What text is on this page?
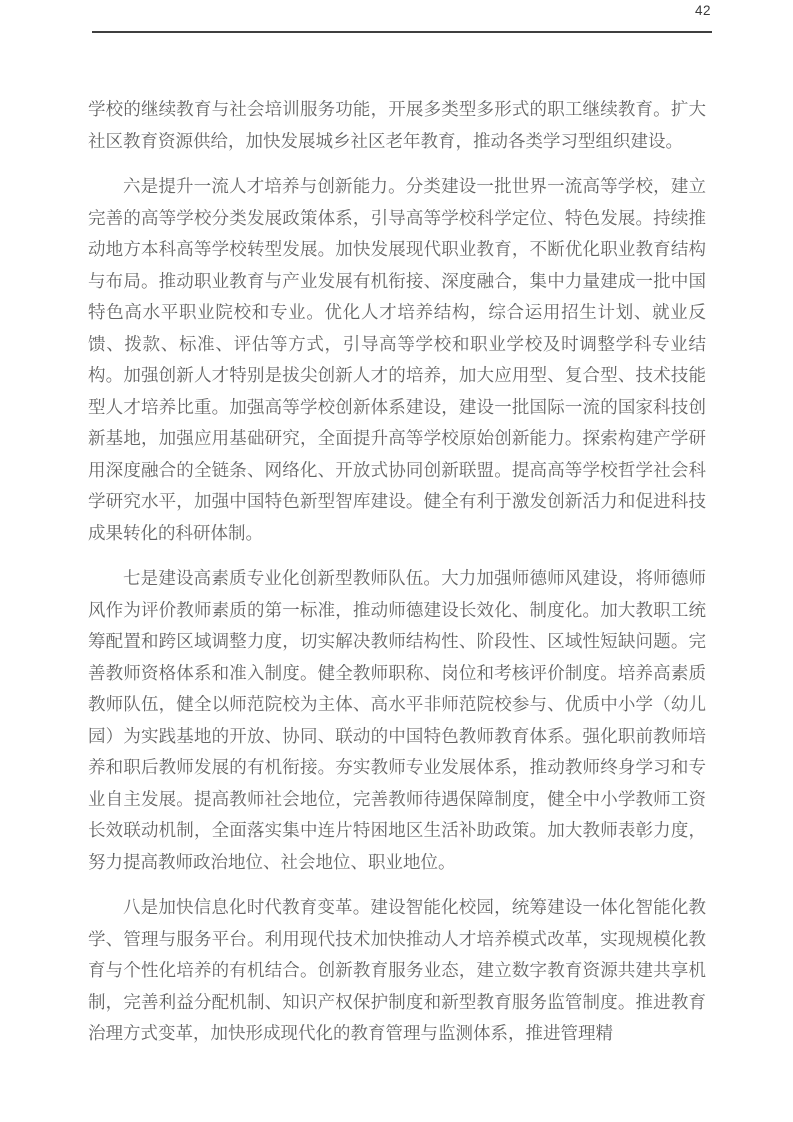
42

学校的继续教育与社会培训服务功能，开展多类型多形式的职工继续教育。扩大社区教育资源供给，加快发展城乡社区老年教育，推动各类学习型组织建设。

六是提升一流人才培养与创新能力。分类建设一批世界一流高等学校，建立完善的高等学校分类发展政策体系，引导高等学校科学定位、特色发展。持续推动地方本科高等学校转型发展。加快发展现代职业教育，不断优化职业教育结构与布局。推动职业教育与产业发展有机衔接、深度融合，集中力量建成一批中国特色高水平职业院校和专业。优化人才培养结构，综合运用招生计划、就业反馈、拨款、标准、评估等方式，引导高等学校和职业学校及时调整学科专业结构。加强创新人才特别是拔尖创新人才的培养，加大应用型、复合型、技术技能型人才培养比重。加强高等学校创新体系建设，建设一批国际一流的国家科技创新基地，加强应用基础研究，全面提升高等学校原始创新能力。探索构建产学研用深度融合的全链条、网络化、开放式协同创新联盟。提高高等学校哲学社会科学研究水平，加强中国特色新型智库建设。健全有利于激发创新活力和促进科技成果转化的科研体制。

七是建设高素质专业化创新型教师队伍。大力加强师德师风建设，将师德师风作为评价教师素质的第一标准，推动师德建设长效化、制度化。加大教职工统筹配置和跨区域调整力度，切实解决教师结构性、阶段性、区域性短缺问题。完善教师资格体系和准入制度。健全教师职称、岗位和考核评价制度。培养高素质教师队伍，健全以师范院校为主体、高水平非师范院校参与、优质中小学（幼儿园）为实践基地的开放、协同、联动的中国特色教师教育体系。强化职前教师培养和职后教师发展的有机衔接。夯实教师专业发展体系，推动教师终身学习和专业自主发展。提高教师社会地位，完善教师待遇保障制度，健全中小学教师工资长效联动机制，全面落实集中连片特困地区生活补助政策。加大教师表彰力度，努力提高教师政治地位、社会地位、职业地位。

八是加快信息化时代教育变革。建设智能化校园，统筹建设一体化智能化教学、管理与服务平台。利用现代技术加快推动人才培养模式改革，实现规模化教育与个性化培养的有机结合。创新教育服务业态，建立数字教育资源共建共享机制，完善利益分配机制、知识产权保护制度和新型教育服务监管制度。推进教育治理方式变革，加快形成现代化的教育管理与监测体系，推进管理精
